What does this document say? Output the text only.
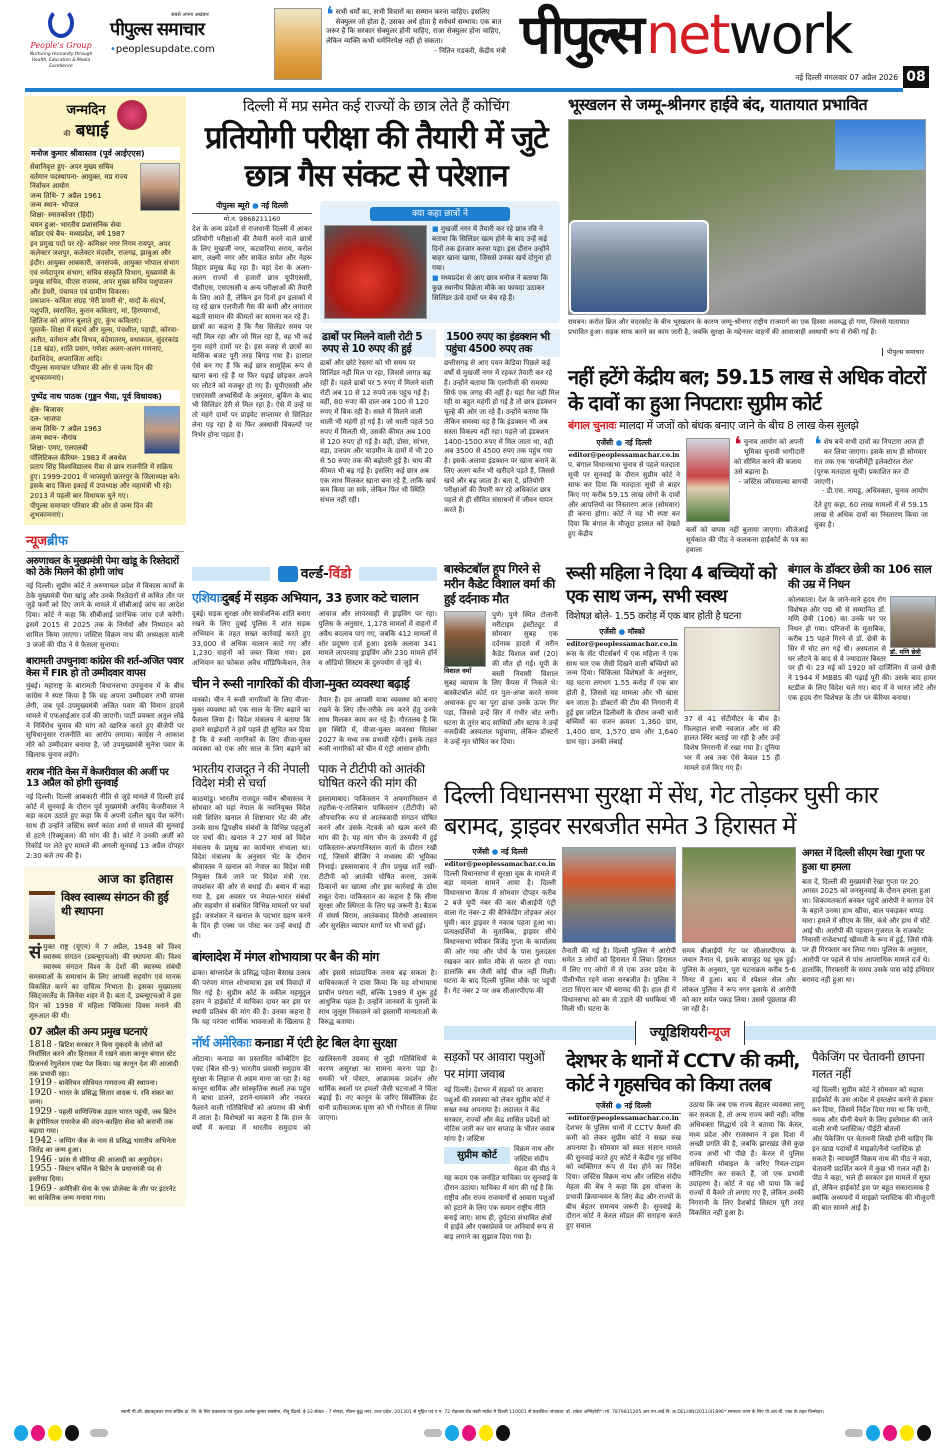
People's Group
Nurturing Humanity through Health, Education & Media Excellence
सबसे अपना अखबार
पीपुल्स समाचार
•peoplesupdate.com
❛ सभी धर्मों का, सभी विचारों का सम्मान करना चाहिए। इसलिए सेक्युलर जो होता है, उसका अर्थ होता है सर्वधर्म सम्भाव। एक बात जरूर है कि सरकार सेक्युलर होनी चाहिए, राजा सेक्युलर होना चाहिए, लेकिन व्यक्ति कभी धर्मनिरपेक्ष नहीं हो सकता।
- नितिन गडकरी, केंद्रीय मंत्री पीपुल्स network
नई दिल्ली मंगलवार 07 अप्रैल 2026 08
जन्मदिन
की बधाई
मनोज कुमार श्रीवास्तव (पूर्व आईएएस)
सेवानिवृत्त हुए- अपर मुख्य सचिव
वर्तमान पदस्थापना- आयुक्त, मप्र राज्य निर्वाचन आयोग
जन्म तिथि- 7 अप्रैल 1961
जन्म स्थान- भोपाल
शिक्षा- स्नातकोत्तर (हिंदी)
चयन हुआ- भारतीय प्रशासनिक सेवा
कॉडर एवं बैच- मध्यप्रदेश, वर्ष 1987
इन प्रमुख पदों पर रहे- कमिश्नर नगर निगम रायपुर, अपर कलेक्टर जशपुर, कलेक्टर मंदसौर, राजगढ़, झाबुआ और इंदौर। आयुक्त आबकारी, जनसंपर्क, आयुक्त भोपाल संभाग एवं नर्मदापुरम संभाग, सचिव संस्कृति विभाग, मुख्यमंत्री के प्रमुख सचिव, पीएस राजस्व, अपर मुख्य सचिव पशुपालन और डेयरी, पंचायत एवं ग्रामीण विकास।
प्रकाशन- कविता संग्रह 'मेरी डायरी से', यादों के संदर्भ, पशुपति, स्वराजित, कुरान कविताएं, मां, हिरण्यगर्भा, क्षितिज को आंगन बुलाते हुए, कुंभ कविताएं।
पुस्तकें- शिक्षा में संदर्भ और मूल्य, पंचशील, पहाड़ी, कोरवा- अतीत, वर्तमान और विभव, वंदेमातरम्, वधाकाल, सुंदरकांड (18 खंड), शांति प्रसंग, गणेशः अलग-अलग गणनाएं, देवाधिदेव, अपराजिता आदि।
पीपुल्स समाचार परिवार की ओर से जन्म दिन की शुभकामनाएं।
पुष्पेंद्र नाथ पाठक (गुड्डन भैया, पूर्व विधायक)
क्षेत्र- बिजावर
दल- भाजपा
जन्म तिथि- 7 अप्रैल 1963
जन्म स्थान- नौगांव
शिक्षा- एमए, एलएलबी
पॉलिटिकल कॅरियर- 1983 में अवधेश
प्रताप सिंह विश्वविद्यालय रीवा से छात्र राजनीति में सक्रिय हुए। 1999-2001 में भाजयुमो छतरपुर के जिलाध्यक्ष बने। इसके बाद जिला इकाई में उपाध्यक्ष और महामंत्री भी रहे। 2013 में पहली बार विधायक चुने गए।
पीपुल्स समाचार परिवार की ओर से जन्म दिन की शुभकामनाएं।
न्यूजब्रीफ
अरुणाचल के मुख्यमंत्री पेमा खांडू के रिश्तेदारों को ठेके मिलने की होगी जांच
नई दिल्ली। सुप्रीम कोर्ट ने अरुणाचल प्रदेश में विकास कार्यों के ठेके मुख्यमंत्री पेमा खांडू और उनके रिश्तेदारों से कथित तौर पर जुड़े फर्मों को दिए जाने के मामले में सीबीआई जांच का आदेश दिया। कोर्ट ने कहा कि सीबीआई प्रारंभिक जांच दर्ज करेगी। इसमें 2015 से 2025 तक के निर्णयों और निष्पादन को शामिल किया जाएगा। जस्टिस विक्रम नाथ की अध्यक्षता वाली 3 जजों की पीठ ने ये फैसला सुनाया।
बारामती उपचुनावः कांग्रेस की शर्त-अजित पवार केस में FIR हो तो उम्मीदवार वापस
मुंबई। महाराष्ट्र के बारामती विधानसभा उपचुनाव में के बीच कांग्रेस ने स्पष्ट किया है कि वह अपना उम्मीदवार तभी वापस लेगी, जब पूर्व उपमुख्यमंत्री अजित पवार की विमान हादसे मामले में एफआईआर दर्ज की जाएगी। पार्टी प्रवक्ता अतुल लोंढे ने निर्विरोध चुनाव की मांग को खारिज करते हुए बीजेपी पर सुविधानुसार राजनीति का आरोप लगाया। कांग्रेस ने आकाश मोरे को उम्मीदवार बनाया है, जो उपमुख्यमंत्री सुनेत्रा पवार के खिलाफ चुनाव लड़ेंगे।
शराब नीति केस में केजरीवाल की अर्जी पर 13 अप्रैल को होगी सुनवाई
नई दिल्ली। दिल्ली आबकारी नीति से जुड़े मामले में दिल्ली हाई कोर्ट में सुनवाई के दौरान पूर्व मुख्यमंत्री अरविंद केजरीवाल ने बड़ा कदम उठाते हुए कहा कि वे अपनी दलील खुद पेश करेंगे। साथ ही उन्होंने जस्टिस स्वर्ण कांता शर्मा से मामले की सुनवाई से हटने (रिक्यूजल) की मांग की है। कोर्ट ने उनकी अर्जी को रिकॉर्ड पर लेते हुए मामले की अगली सुनवाई 13 अप्रैल दोपहर 2:30 बजे तय की है।
आज का इतिहास
विश्व स्वास्थ्य संगठन की हुई थी स्थापना
संयुक्त राष्ट्र (यूएन) ने 7 अप्रैल, 1948 को विश्व स्वास्थ्य संगठन (डब्ल्यूएचओ) की स्थापना की। विश्व स्वास्थ्य संगठन विश्व के देशों की स्वास्थ्य संबंधी समस्याओं के समाधान के लिए आपसी सहयोग एवं मानक विकसित करने का दायित्व निभाता है। इसका मुख्यालय स्विट्जरलैंड के जिनेवा शहर में है। बता दें, डब्ल्यूएचओ ने इस दिन को 1998 में महिला चिकित्सा दिवस मनाने की शुरुआत की थी।
07 अप्रैल की अन्य प्रमुख घटनाएं
1818 - ब्रिटिश सरकार ने बिना मुकदमे के लोगों को निर्वासित करने और हिरासत में रखने वाला कानून बंगाल स्टेट प्रिजनर्स रेगुलेशन एक्ट पेश किया। यह कानून देश की आजादी तक प्रभावी रहा।
1919 - बावेरियन सोवियत गणराज्य की स्थापना।
1920 - भारत के प्रसिद्ध सितार वादक पं. रवि शंकर का जन्म।
1929 - पहली वाणिज्यिक उड़ान भारत पहुंची, जब ब्रिटेन के इंपीरियल एयरवेज की लंदन-काहिरा सेवा को कराची तक बढ़ाया गया।
1942 - जम्पिंग जैक के नाम से प्रसिद्ध भारतीय अभिनेता जितेंद्र का जन्म हुआ।
1946 - फ्रांस से सीरिया की आजादी का अनुमोदन।
1955 - विंस्टन चर्चिल ने ब्रिटेन के प्रधानमंत्री पद से इस्तीफा दिया।
1969 - अमेरिकी सेना के एक प्रोजेक्ट के तौर पर इंटरनेट का सांकेतिक जन्म मनाया गया।
दिल्ली में मप्र समेत कई राज्यों के छात्र लेते हैं कोचिंग
प्रतियोगी परीक्षा की तैयारी में जुटे छात्र गैस संकट से परेशान
पीपुल्स ब्यूरो ● नई दिल्ली
मो.नं. 9868211160
देश के अन्य प्रदेशों से राजधानी दिल्ली में आकर प्रतियोगी परीक्षाओं की तैयारी करने वाले छात्रों के लिए मुखर्जी नगर, कटवारिया सराय, करोल बाग, लक्ष्मी नगर और साकेत समेत और नेहरू विहार प्रमुख केंद्र रहा है। यहां देश के अलग-अलग राज्यों से हजारों छात्र यूपीएससी, पीसीएस, एसएससी व अन्य परीक्षाओं की तैयारी के लिए आते हैं, लेकिन इन दिनों इन इलाकों में रह रहे छात्र एलपीजी गैस की कमी और लगातार बढ़ती सामान की कीमतों का सामना कर रहे हैं।
छात्रों का कहना है कि गैस सिलेंडर समय पर नहीं मिल रहा और जो मिल रहा है, वह भी कई गुना महंगे दामों पर है। इस वजह से छात्रों का मासिक बजट पूरी तरह बिगड़ गया है। हालात ऐसे बन गए हैं कि कई छात्र सामूहिक रूप से खाना बना रहे हैं या फिर पढ़ाई छोड़कर अपने घर लौटने को मजबूर हो गए हैं। यूपीएससी और एसएससी अभ्यर्थियों के अनुसार, बुकिंग के बाद भी सिलिंडर देरी से मिल रहा है। ऐसे में उन्हें या तो महंगे दामों पर प्राइवेट सप्लायर से सिलिंडर लेना पड़ रहा है या फिर अस्थायी विकल्पों पर निर्भर होना पड़ता है।
क्या कहा छात्रों ने
■ मुखर्जी नगर में तैयारी कर रहे छात्र रवि ने बताया कि सिलिंडर खत्म होने के बाद उन्हें कई दिनों तक इंतजार करना पड़ा। इस दौरान उन्होंने बाहर खाना खाया, जिससे उनका खर्च दोगुना हो गया।
■ मध्यप्रदेश से आए छात्र मनोज ने बताया कि कुछ स्थानीय विक्रेता मौके का फायदा उठाकर सिलिंडर ऊंचे दामों पर बेच रहे हैं।
ढाबों पर मिलने वाली रोटी 5 रुपए से 10 रुपए की हुई
ढाबों और छोटे रेस्तरां को भी समय पर सिलिंडर नहीं मिल पा रहा, जिससे लागत बढ़ रही है। पहले ढाबों पर 5 रुपए में मिलने वाली रोटी अब 10 से 12 रुपये तक पहुंच गई है। वहीं, 80 रुपए की दाल अब 100 से 120 रुपए में बिक रही है। सस्ते में मिलने वाली थाली भी महंगी हो गई है। जो थाली पहले 50 रुपए में मिलती थी, उसकी कीमत अब 100 से 120 रुपए हो गई है। वहीं, डोसा, सांभर, वड़ा, उत्तपम और चाउमीन के दामों में भी 20 से 50 रुपए तक की बढ़ोतरी हुई है। चाय की कीमत भी बढ़ गई है। इसलिए कई छात्र अब एक साथ मिलकर खाना बना रहे हैं, ताकि खर्च कम किया जा सके, लेकिन फिर भी स्थिति संभल नहीं रही।
1500 रुपए का इंडक्शन भी पहुंचा 4500 रुपए तक
छत्तीसगढ़ से आए पवन केडिया पिछले कई वर्षों से मुखर्जी नगर में रहकर तैयारी कर रहे हैं। उन्होंने बताया कि एलपीजी की समस्या सिर्फ एक जगह की नहीं है। यहां गैस नहीं मिल रही या बहुत महंगी हो गई है तो छात्र इंडक्शन चूल्हे की ओर जा रहे हैं। उन्होंने बताया कि लेकिन समस्या यह है कि इंडक्शन भी अब सस्ता विकल्प नहीं रहा। पहले जो इंडक्शन 1400-1500 रुपए में मिल जाता था, वही अब 3500 से 4500 रुपए तक पहुंच गया है। इसके अलावा इंडक्शन पर खाना बनाने के लिए अलग बर्तन भी खरीदने पड़ते हैं, जिससे खर्च और बढ़ जाता है। बता दें, प्रतियोगी परीक्षाओं की तैयारी कर रहे अधिकांश छात्र पहले से ही सीमित संसाधनों में जीवन यापन करते हैं।
भूस्खलन से जम्मू-श्रीनगर हाईवे बंद, यातायात प्रभावित
रामबन। करोल ब्रिज और चंदरकोट के बीच भूस्खलन के कारण जम्मू-श्रीनगर राष्ट्रीय राजमार्ग का एक हिस्सा अवरुद्ध हो गया, जिससे यातायात प्रभावित हुआ। सड़क साफ करने का काम जारी है, जबकि सुरक्षा के मद्देनजर वाहनों की आवाजाही अस्थायी रूप से रोकी गई है।
पीपुल्स समाचार
नहीं हटेंगे केंद्रीय बल; 59.15 लाख से अधिक वोटरों के दावों का हुआ निपटाराः सुप्रीम कोर्ट
बंगाल चुनावः मालदा में जजों को बंधक बनाए जाने के बीच 8 लाख केस सुलझे
एजेंसी ● नई दिल्ली
editor@peoplessamachar.co.in
प. बंगाल विधानसभा चुनाव से पहले मतदाता सूची पर सुनवाई के दौरान सुप्रीम कोर्ट ने साफ कर दिया कि मतदाता सूची से बाहर किए गए करीब 59.15 लाख लोगों के दावों और आपत्तियों का निस्तारण आज (सोमवार) ही करना होगा। कोर्ट ने यह भी स्पष्ट कर दिया कि बंगाल के मौजूदा हालात को देखते हुए केंद्रीय
❛ चुनाव आयोग को अपनी भूमिका चुनावी भागीदारी को सीमित करने की बजाय उसे बढ़ाना है।
- जस्टिस जॉयमाल्या बागची
बलों को वापस नहीं बुलाया जाएगा। सीजेआई सूर्यकांत की पीठ ने कलकत्ता हाईकोर्ट के पत्र का हवाला
❛ शेष बचे सभी दावों का निपटारा आज ही कर लिया जाएगा। इसके साथ ही सोमवार रात तक एक 'सप्लीमेंट्री इलेक्टोरल रोल' (पूरक मतदाता सूची) प्रकाशित कर दी जाएगी।
- डी.एस. नायडू, अधिवक्ता, चुनाव आयोग
देते हुए कहा, 60 लाख मामलों में से 59.15 लाख से अधिक दावों का निस्तारण किया जा चुका है।
वर्ल्ड-विंडो
एशियाःदुबई में सड़क अभियान, 33 हजार कटे चालान
दुबई। सड़क सुरक्षा और सार्वजनिक शांति बनाए रखने के लिए दुबई पुलिस ने शांत सड़क अभियान के तहत सख्त कार्रवाई करते हुए 33,000 से अधिक चालान काटे गए और 1,230 वाहनों को जब्त किया गया। इस अभियान का फोकस अवैध मॉडिफिकेशन, तेज आवाज और लापरवाही से ड्राइविंग पर रहा। पुलिस के अनुसार, 1,178 मामलों में वाहनों में अवैध बदलाव पाए गए, जबकि 412 मामलों में शोर प्रदूषण दर्ज हुआ। इसके अलावा 341 मामले लापरवाह ड्राइविंग और 230 मामले हॉर्न व ऑडियो सिस्टम के दुरुपयोग से जुड़े थे।
चीन ने रूसी नागरिकों की वीजा-मुक्त व्यवस्था बढ़ाई
मास्को। चीन ने रूसी नागरिकों के लिए वीजा-मुक्त व्यवस्था को एक साल के लिए बढ़ाने का फैसला लिया है। विदेश मंत्रालय ने बताया कि हमारे साझेदारों ने हमें पहले ही सूचित कर दिया है कि वे रूसी नागरिकों के लिए वीजा-मुक्त व्यवस्था को एक और साल के लिए बढ़ाने को तैयार हैं। हम आपसी यात्रा व्यवस्था को बनाए रखने के लिए तौर-तरीके तय करने हेतु उनके साथ मिलकर काम कर रहे हैं। गौरतलब है कि इस स्थिति में, वीजा-मुक्त व्यवस्था सितंबर 2027 के मध्य तक प्रभावी रहेगी। इसके तहत रूसी नागरिकों को चीन में एंट्री आसान होगी।
भारतीय राजदूत ने की नेपाली विदेश मंत्री से चर्चा
काठमांडू। भारतीय राजदूत नवीन श्रीवास्तव ने सोमवार को यहां नेपाल के नवनियुक्त विदेश मंत्री शिशिर खनाल से शिष्टाचार भेंट की और उनके साथ द्विपक्षीय संबंधों के विभिन्न पहलुओं पर चर्चा की। खनाल ने 27 मार्च को विदेश मंत्रालय के प्रमुख का कार्यभार संभाला था। विदेश मंत्रालय के अनुसार भेंट के दौरान श्रीवास्तव ने खनाल को नेपाल का विदेश मंत्री नियुक्त किये जाने पर विदेश मंत्री एस. जयशंकर की ओर से बधाई दी। बयान में कहा गया है, इस अवसर पर नेपाल-भारत संबंधों और सहयोग से संबंधित विभिन्न मामलों पर चर्चा हुई। जयशंकर ने खनाल के पदभार ग्रहण करने के दिन ही एक्स पर पोस्ट कर उन्हें बधाई दी थी।
पाक ने टीटीपी को आतंकी घोषित करने की मांग की
इस्लामाबाद। पाकिस्तान ने अफगानिस्तान से तहरीक-ए-तालिबान पाकिस्तान (टीटीपी) को औपचारिक रूप से आतंकवादी संगठन घोषित करने और उसके नेटवर्क को खत्म करने की मांग की है। यह मांग चीन के उरुमकी में हुई पाकिस्तान-अफगानिस्तान वार्ता के दौरान रखी गई, जिसमें बीजिंग ने मध्यस्थ की भूमिका निभाई। इस्लामाबाद ने तीन प्रमुख शर्तें रखीं-टीटीपी को आतंकी घोषित करना, उसके ठिकानों का खात्मा और इस कार्रवाई के ठोस सबूत देना। पाकिस्तान का कहना है कि सीमा सुरक्षा और स्थिरता के लिए यह जरूरी है। बैठक में संघर्ष विराम, आतंकवाद विरोधी आश्वासन और सुरक्षित व्यापार मार्गों पर भी चर्चा हुई।
बांग्लादेश में मंगल शोभायात्रा पर बैन की मांग
ढाका। बांग्लादेश के प्रसिद्ध पहेला बैसाख उत्सव की परंपरा मंगल शोभायात्रा इस वर्ष विवादों में घिर गई है। सुप्रीम कोर्ट के वकील महमूदुल हसन ने हाईकोर्ट में याचिका दायर कर इस पर स्थायी प्रतिबंध की मांग की है। उनका कहना है कि यह परंपरा धार्मिक भावनाओं के खिलाफ है और इससे सांप्रदायिक तनाव बढ़ सकता है। याचिकाकर्ता ने दावा किया कि यह शोभायात्रा प्राचीन परंपरा नहीं, बल्कि 1989 में शुरू हुई आधुनिक पहल है। उन्होंने जानवरों के पुतलों के साथ जुलूस निकालने को इस्लामी मान्यताओं के विरुद्ध बताया।
नॉर्थ अमेरिकाः कनाडा में एंटी हेट बिल देगा सुरक्षा
ओटावा। कनाडा का प्रस्तावित कॉम्बैटिंग हेट एक्ट (बिल सी-9) भारतीय प्रवासी समुदाय की सुरक्षा के लिहाज से अहम माना जा रहा है। यह कानून धार्मिक और सांस्कृतिक स्थलों तक पहुंच में बाधा डालने, डराने-धमकाने और नफरत फैलाने वाली गतिविधियों को अपराध की श्रेणी में लाता है। विशेषज्ञों का कहना है कि हाल के वर्षों में कनाडा में भारतीय समुदाय को खालिस्तानी उग्रवाद से जुड़ी गतिविधियों के कारण असुरक्षा का सामना करना पड़ा है। धमकी भरे पोस्टर, आक्रामक प्रदर्शन और धार्मिक स्थलों पर हमलों जैसी घटनाओं ने चिंता बढ़ाई है। नए कानून के जरिए सिंबॉलिक हेट यानी प्रतीकात्मक घृणा को भी गंभीरता से लिया जाएगा।
बास्केटबॉल हूप गिरने से मरीन कैडेट विशाल वर्मा की हुई दर्दनाक मौत
विशाल वर्मा
पुणे। पुणे स्थित टोलानी मरीटाइम इंस्टीट्यूट में सोमवार सुबह एक दर्दनाक हादसे में मरीन कैडेट विशाल वर्मा (20) की मौत हो गई। यूपी के बस्ती निवासी विशाल सुबह व्यायाम के लिए कैंपस में निकले थे। बास्केटबॉल कोर्ट पर पुल-अप्स करते समय अचानक हूप का पूरा ढांचा उनके ऊपर गिर पड़ा, जिससे उन्हें सिर में गंभीर चोट लगी। घटना के तुरंत बाद साथियों और स्टाफ ने उन्हें नजदीकी अस्पताल पहुंचाया, लेकिन डॉक्टरों ने उन्हें मृत घोषित कर दिया।
रूसी महिला ने दिया 4 बच्चियों को एक साथ जन्म, सभी स्वस्थ
विशेषज्ञ बोले- 1.55 करोड़ में एक बार होती है घटना
एजेंसी ● मॉस्को
editor@peoplessamachar.co.in
रूस के सेंट पीटर्सबर्ग में एक महिला ने एक साथ चार एक जैसी दिखने वाली बच्चियों को जन्म दिया। चिकित्सा विशेषज्ञों के अनुसार, यह घटना लगभग 1.55 करोड़ में एक बार होती है, जिससे यह मामला और भी खास बन जाता है। डॉक्टरों की टीम की निगरानी में हुई इस जटिल डिलीवरी के दौरान जन्मी चारों बच्चियों का वजन क्रमशः 1,360 ग्राम, 1,400 ग्राम, 1,570 ग्राम और 1,640 ग्राम रहा। उनकी लंबाई
37 से 41 सेंटीमीटर के बीच है। फिलहाल सभी नवजात और मां की हालत स्थिर बताई जा रही है और उन्हें विशेष निगरानी में रखा गया है। दुनिया भर में अब तक ऐसे केवल 15 ही मामले दर्ज किए गए हैं।
बंगाल के डॉक्टर छेत्री का 106 साल की उम्र में निधन
डॉ. मणि छेत्री
कोलकाता। देश के जाने-माने हृदय रोग विशेषज्ञ और पद्म श्री से सम्मानित डॉ. मणि छेत्री (106) का उनके घर पर निधन हो गया। परिजनों के मुताबिक, करीब 15 पहले गिरने से डॉ. छेत्री के सिर में चोट लग गई थी। अस्पताल से घर लौटने के बाद से वे ज्यादातर बिस्तर पर ही थे। 23 मई को 1920 को दार्जिलिंग में जन्मे छेत्री ने 1944 में MBBS की पढ़ाई पूरी की। उसके बाद हायर स्टडीज के लिए विदेश चले गए। बाद में वे भारत लौटे और एक हृदय रोग विशेषज्ञ के तौर पर कॅरियर बनाया।
दिल्ली विधानसभा सुरक्षा में सेंध, गेट तोड़कर घुसी कार बरामद, ड्राइवर सरबजीत समेत 3 हिरासत में
एजेंसी ● नई दिल्ली
editor@peoplessamachar.co.in
दिल्ली विधानसभा में सुरक्षा चूक के मामले में बड़ा मामला सामने आया है। दिल्ली विधानसभा कैंपस में सोमवार दोपहर करीब 2 बजे यूपी नंबर की कार बीआईपी एंट्री वाला गेट नंबर-2 की बैरिकेडिंग तोड़कर अंदर घुसी। कार ड्राइवर ने नकाब पहना हुआ था। प्रत्यक्षदर्शियों के मुताबिक, ड्राइवर सीधे विधानसभा स्पीकर विजेंद्र गुप्ता के कार्यालय की ओर गया और पोर्च के पास गुलदस्ता रखकर कार समेत मौके से फरार हो गया। हालांकि बम जैसी कोई चीज नहीं मिली। घटना के बाद दिल्ली पुलिस मौके पर पहुंची है। गेट नंबर 2 पर अब सीआरपीएफ की
तैनाती की गई है। दिल्ली पुलिस ने आरोपी समेत 3 लोगों को हिरासत में लिया। हिरासत में लिए गए लोगों में से एक उत्तर प्रदेश के पीलीभीत रहने वाला सरबजीत है। पुलिस ने टाटा सिएरा कार भी बरामद की है। हाल ही में विधानसभा को बम से उड़ाने की धमकियां भी मिली थीं। घटना के
समय बीआईपी गेट पर सीआरपीएफ के जवान तैनात थे, इसके बावजूद यह चूक हुई। पुलिस के अनुसार, पूरा घटनाक्रम करीब 5-6 मिनट में हुआ। बाद में स्पेशल सेल और लोकल पुलिस ने रूप नगर इलाके से आरोपी को कार समेत पकड़ लिया। उससे पूछताछ की जा रही है।
अगस्त में दिल्ली सीएम रेखा गुप्ता पर हुआ था हमला
बता दें, दिल्ली की मुख्यमंत्री रेखा गुप्ता पर 20 अगस्त 2025 को जनसुनवाई के दौरान हमला हुआ था। शिकायतकर्ता बनकर पहुंचे आरोपी ने कागज देने के बहाने उनका हाथ खींचा, बाल पकड़कर थप्पड़ मारा। हमले में सीएम के सिर, कंधे और हाथ में चोटें आई थी। आरोपी की पहचान गुजरात के राजकोट निवासी राजेशभाई खीमजी के रूप में हुई, जिसे मौके पर ही गिरफ्तार कर लिया गया। पुलिस के अनुसार, आरोपी पर पहले से पांच आपराधिक मामले दर्ज थे। हालांकि, गिरफ्तारी के समय उसके पास कोई हथियार बरामद नहीं हुआ था।
ज्यूडिशियरीन्यूज
सड़कों पर आवारा पशुओं पर मांगा जवाब
नई दिल्ली। देशभर में सड़कों पर आवारा पशुओं की समस्या को लेकर सुप्रीम कोर्ट ने सख्त रुख अपनाया है। अदालत ने केंद्र सरकार, राज्यों और केंद्र शासित प्रदेशों को नोटिस जारी कर चार सप्ताह के भीतर जवाब मांगा है। जस्टिस
सुप्रीम कोर्ट
विक्रम नाथ और जस्टिस संदीप मेहता की पीठ ने यह कदम एक जनहित याचिका पर सुनवाई के दौरान उठाया। याचिका में मांग की गई है कि राष्ट्रीय और राज्य राजमार्गों से आवारा पशुओं को हटाने के लिए एक समान राष्ट्रीय नीति बनाई जाए। साथ ही, दुर्घटना संभावित क्षेत्रों में हाईवे और एक्सप्रेसवे पर अनिवार्य रूप से बाड़ लगाने का सुझाव दिया गया है।
देशभर के थानों में CCTV की कमी, कोर्ट ने गृहसचिव को किया तलब
एजेंसी ● नई दिल्ली
editor@peoplessamachar.co.in
देशभर के पुलिस थानों में CCTV कैमरों की कमी को लेकर सुप्रीम कोर्ट ने सख्त रुख अपनाया है। सोमवार को स्वतः संज्ञान मामले की सुनवाई करते हुए कोर्ट ने केंद्रीय गृह सचिव को व्यक्तिगत रूप से पेश होने का निर्देश दिया। जस्टिस विक्रम नाथ और जस्टिस संदीप मेहता की बेंच ने कहा कि इस योजना के प्रभावी क्रियान्वयन के लिए केंद्र और राज्यों के बीच बेहतर समन्वय जरूरी है। सुनवाई के दौरान कोर्ट ने केरल मॉडल की सराहना करते हुए सवाल
उठाया कि जब एक राज्य बेहतर व्यवस्था लागू कर सकता है, तो अन्य राज्य क्यों नहीं। वरिष्ठ अधिवक्ता सिद्धार्थ दवे ने बताया कि केरल, मध्य प्रदेश और राजस्थान ने इस दिशा में अच्छी प्रगति की है, जबकि झारखंड जैसे कुछ राज्य अभी भी पीछे हैं। केरल में पुलिस अधिकारी मोबाइल के जरिए रियल-टाइम मॉनिटरिंग कर सकते हैं, जो एक प्रभावी उदाहरण है। कोर्ट ने यह भी पाया कि कई राज्यों में कैमरे तो लगाए गए हैं, लेकिन उनकी निगरानी के लिए डैशबोर्ड सिस्टम पूरी तरह विकसित नहीं हुआ है।
पैकेजिंग पर चेतावनी छापना गलत नहीं
नई दिल्ली। सुप्रीम कोर्ट ने सोमवार को मद्रास हाईकोर्ट के उस आदेश में हस्तक्षेप करने से इंकार कर दिया, जिसमें निर्देश दिया गया था कि पानी, नमक और चीनी बेचने के लिए इस्तेमाल की जाने वाली सभी प्लास्टिक/ पीईटी बोतलों
और पैकेजिंग पर चेतावनी लिखी होनी चाहिए कि इन खाद्य पदार्थों में माइक्रो/नैनो प्लास्टिक हो सकते हैं। न्यायमूर्ति विक्रम नाथ की पीठ ने कहा, चेतावनी प्रदर्शित करने में कुछ भी गलत नहीं है। पीठ ने कहा, भले ही सरकार इस मामले में सुस्त हो, लेकिन हाईकोर्ट इस पर बहुत सकारात्मक है क्योंकि अध्ययनों में माइक्रो प्लास्टिक की मौजूदगी की बात सामने आई है।
स्वामी पी.जी. इंफ्रास्ट्रक्चर एण्ड सर्विस प्रा. लि. के लिए प्रकाशक एवं मुद्रक अशोक कुमार सक्सेना, नीतू प्रिंटर्स, ई-33 सेक्टर - 7 नोएडा, गौतम बुद्ध नगर, उत्तर प्रदेश, 201301 से मुद्रित एवं ए.न. 72 रोहतास रोड नंबरी मार्केट में दिल्ली 110001 से प्रकाशित। संपादक: डॉ. राकेश अग्निहोत्री*। मो. 7879831205 आर.एन.आई.नि. क्र.DELHIN/2011/41896* समाचार चयन के लिए पी.आर.बी. एक्ट के तहत जिम्मेदार।
